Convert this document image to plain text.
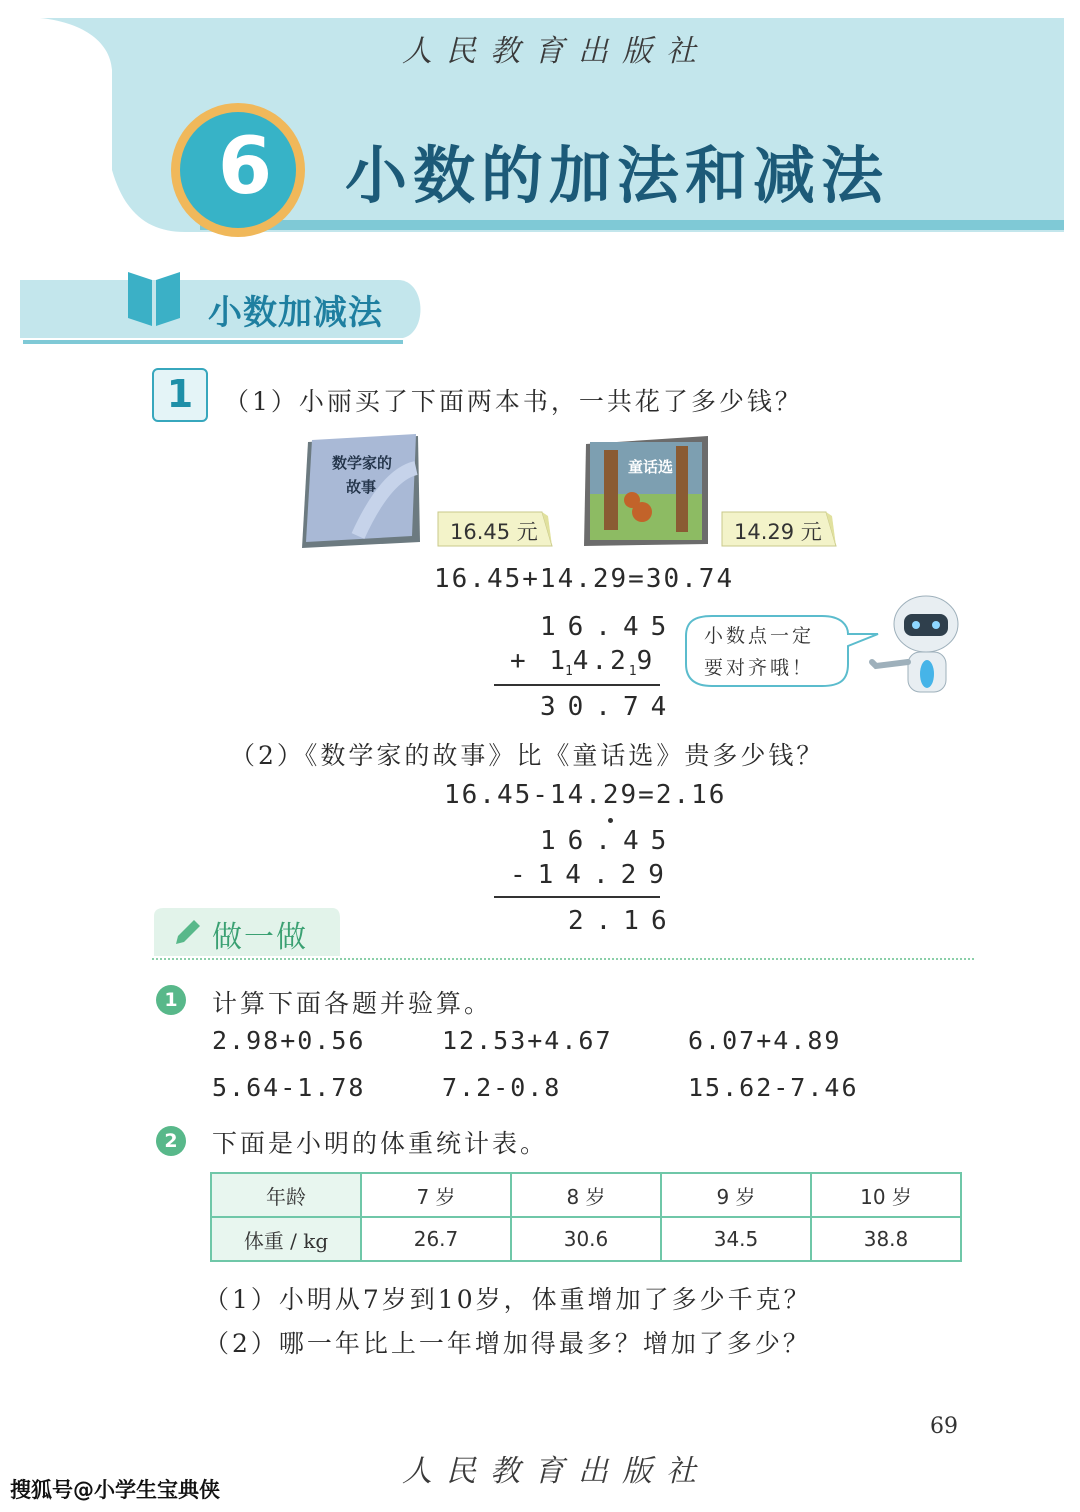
人民教育出版社
6 小数的加法和减法
小数加减法
1	（1）小丽买了下面两本书，一共花了多少钱？
数学家的
故事
16.45 元
童话选
14.29 元
16.45+14.29=30.74
16.45
+ $1_14.2_19$
30.74
小数点一定
要对齐哦！
（2）《数学家的故事》比《童话选》贵多少钱？
16.45-14.29=2.16
16.45
-14.29
2.16
做一做
1	计算下面各题并验算。
2.98+0.56	12.53+4.67	6.07+4.89
5.64-1.78	7.2-0.8	15.62-7.46
2	下面是小明的体重统计表。
年龄	7 岁	8 岁	9 岁	10 岁
体重 / kg	26.7	30.6	34.5	38.8
（1）小明从7岁到10岁，体重增加了多少千克？
（2）哪一年比上一年增加得最多？增加了多少？
69
人民教育出版社
搜狐号@小学生宝典侠
